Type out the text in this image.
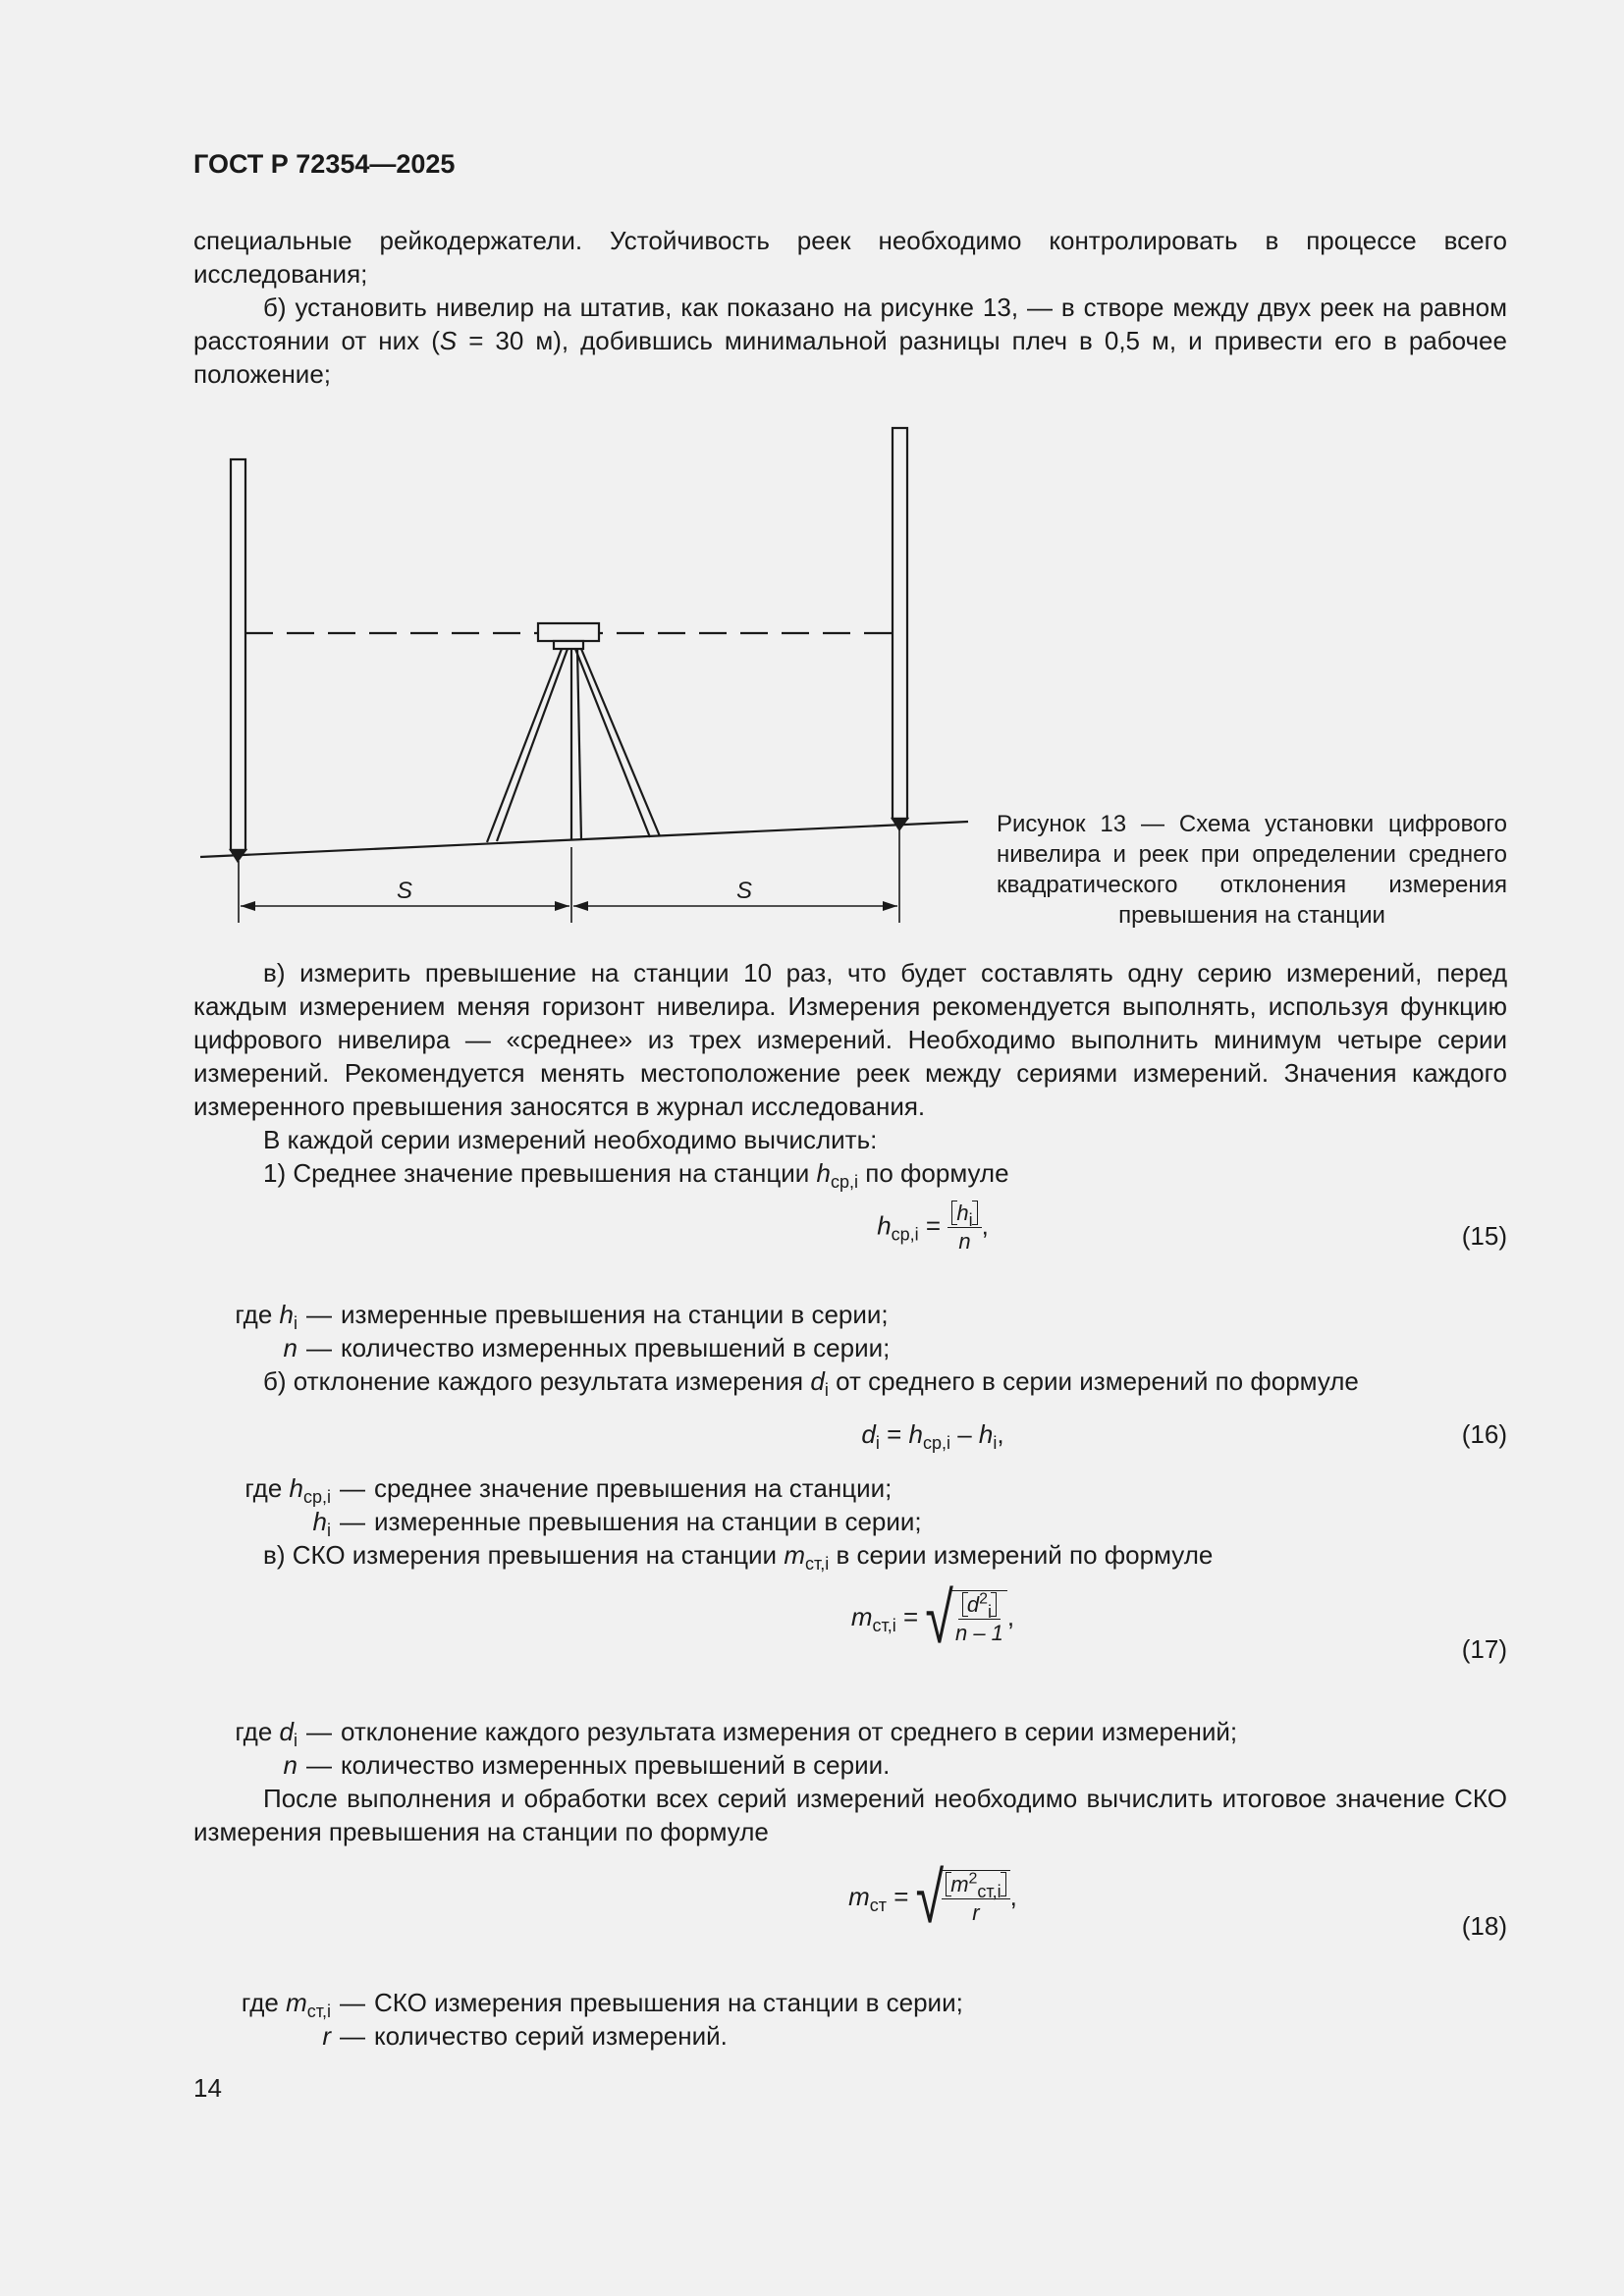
ГОСТ Р 72354—2025

специальные рейкодержатели. Устойчивость реек необходимо контролировать в процессе всего исследования;

б) установить нивелир на штатив, как показано на рисунке 13, — в створе между двух реек на равном расстоянии от них (S = 30 м), добившись минимальной разницы плеч в 0,5 м, и привести его в рабочее положение;

S	S
Рисунок 13 — Схема установки цифрового
нивелира и реек при определении среднего
квадратического отклонения измерения
превышения на станции

в) измерить превышение на станции 10 раз, что будет составлять одну серию измерений, перед каждым измерением меняя горизонт нивелира. Измерения рекомендуется выполнять, используя функцию цифрового нивелира — «среднее» из трех измерений. Необходимо выполнить минимум четыре серии измерений. Рекомендуется менять местоположение реек между сериями измерений. Значения каждого измеренного превышения заносятся в журнал исследования.

В каждой серии измерений необходимо вычислить:

1) Среднее значение превышения на станции $h_{ср,i}$ по формуле

$h_{ср,i} = \frac{h_i}{n}$ ,	(15)
где $h_i$ — измеренные превышения на станции в серии;
n — количество измеренных превышений в серии;

б) отклонение каждого результата измерения $d_i$ от среднего в серии измерений по формуле

$d_i = h_{ср,i} - h_i$,	(16)
где $h_{ср,i}$ — среднее значение превышения на станции;
$h_i$ — измеренные превышения на станции в серии;

в) СКО измерения превышения на станции $m_{ст,i}$ в серии измерений по формуле

$m_{ст,i}$ = √
$\frac{d^2_i}{n - 1}$ ,
(17)
где $d_i$ — отклонение каждого результата измерения от среднего в серии измерений;
n — количество измеренных превышений в серии.

После выполнения и обработки всех серий измерений необходимо вычислить итоговое значение СКО измерения превышения на станции по формуле

$m_{ст}$ = √
$\frac{m^2_{ст,i}}{r}$ ,
(18)
где $m_{ст,i}$ — СКО измерения превышения на станции в серии;
r — количество серий измерений.
14
